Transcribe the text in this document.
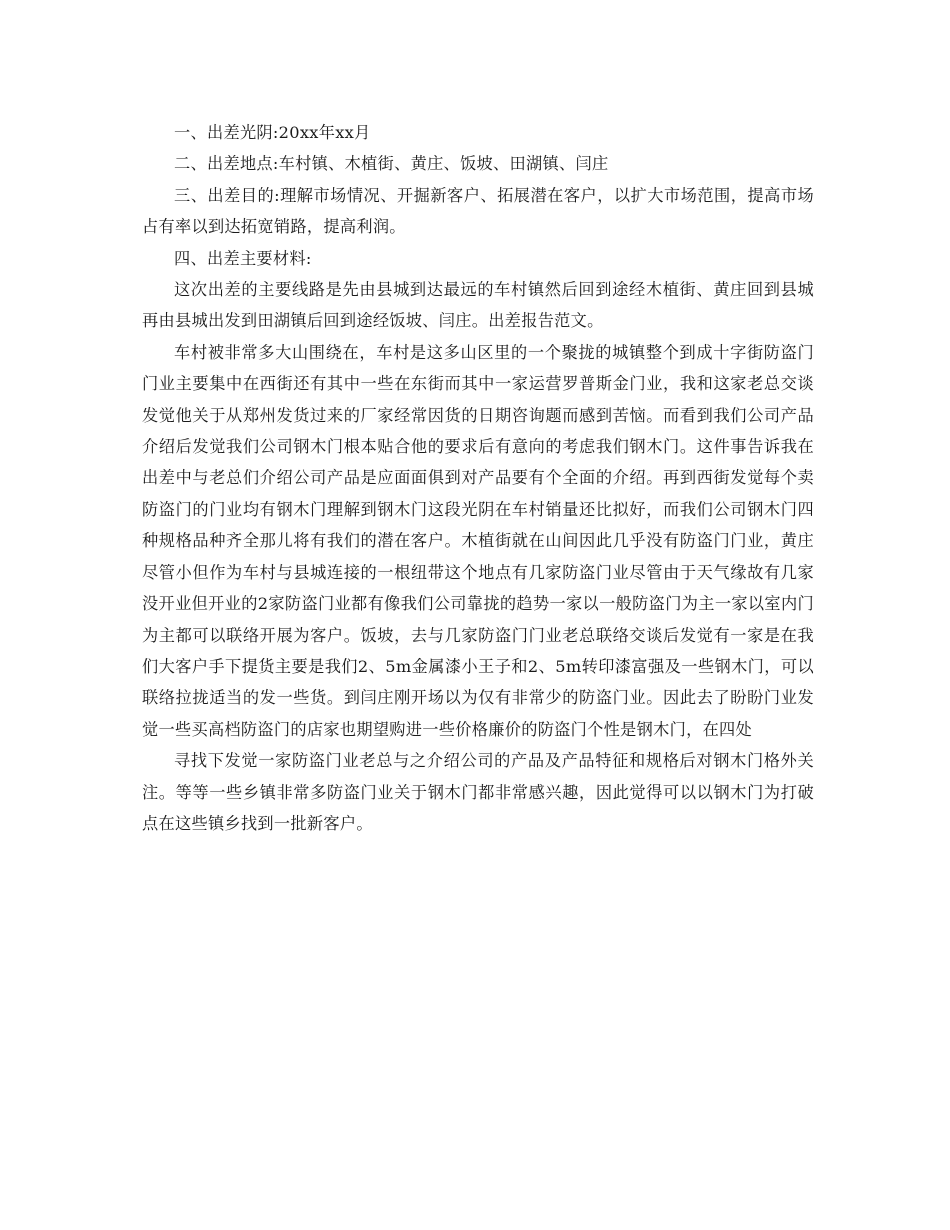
一、出差光阴:20xx年xx月

二、出差地点:车村镇、木植街、黄庄、饭坡、田湖镇、闫庄

三、出差目的:理解市场情况、开掘新客户、拓展潜在客户，以扩大市场范围，提高市场占有率以到达拓宽销路，提高利润。

四、出差主要材料:

这次出差的主要线路是先由县城到达最远的车村镇然后回到途经木植街、黄庄回到县城再由县城出发到田湖镇后回到途经饭坡、闫庄。出差报告范文。

车村被非常多大山围绕在，车村是这多山区里的一个聚拢的城镇整个到成十字街防盗门门业主要集中在西街还有其中一些在东街而其中一家运营罗普斯金门业，我和这家老总交谈发觉他关于从郑州发货过来的厂家经常因货的日期咨询题而感到苦恼。而看到我们公司产品介绍后发觉我们公司钢木门根本贴合他的要求后有意向的考虑我们钢木门。这件事告诉我在出差中与老总们介绍公司产品是应面面俱到对产品要有个全面的介绍。再到西街发觉每个卖防盗门的门业均有钢木门理解到钢木门这段光阴在车村销量还比拟好，而我们公司钢木门四种规格品种齐全那儿将有我们的潜在客户。木植街就在山间因此几乎没有防盗门门业，黄庄尽管小但作为车村与县城连接的一根纽带这个地点有几家防盗门业尽管由于天气缘故有几家没开业但开业的2家防盗门业都有像我们公司靠拢的趋势一家以一般防盗门为主一家以室内门为主都可以联络开展为客户。饭坡，去与几家防盗门门业老总联络交谈后发觉有一家是在我们大客户手下提货主要是我们2、5m金属漆小王子和2、5m转印漆富强及一些钢木门，可以联络拉拢适当的发一些货。到闫庄刚开场以为仅有非常少的防盗门业。因此去了盼盼门业发觉一些买高档防盗门的店家也期望购进一些价格廉价的防盗门个性是钢木门，在四处

寻找下发觉一家防盗门业老总与之介绍公司的产品及产品特征和规格后对钢木门格外关注。等等一些乡镇非常多防盗门业关于钢木门都非常感兴趣，因此觉得可以以钢木门为打破点在这些镇乡找到一批新客户。
